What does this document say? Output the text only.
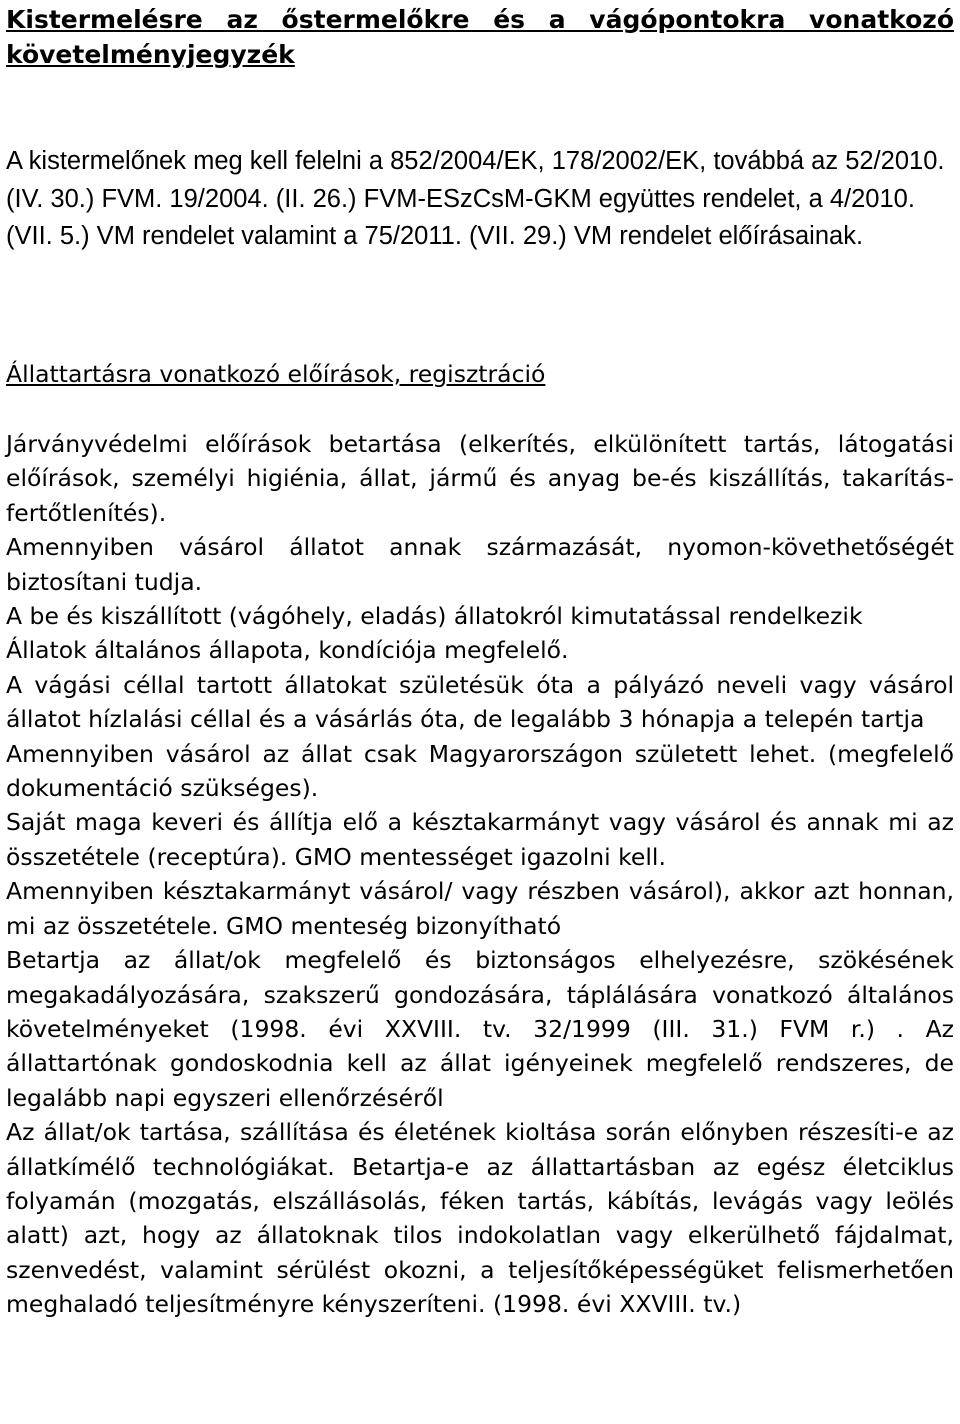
Kistermelésre az őstermelőkre és a vágópontokra vonatkozó követelményjegyzék

A kistermelőnek meg kell felelni a 852/2004/EK, 178/2002/EK, továbbá az 52/2010. (IV. 30.) FVM. 19/2004. (II. 26.) FVM-ESzCsM-GKM együttes rendelet, a 4/2010. (VII. 5.) VM rendelet valamint a 75/2011. (VII. 29.) VM rendelet előírásainak.

Állattartásra vonatkozó előírások, regisztráció

Járványvédelmi előírások betartása (elkerítés, elkülönített tartás, látogatási előírások, személyi higiénia, állat, jármű és anyag be-és kiszállítás, takarítás-fertőtlenítés).

Amennyiben vásárol állatot annak származását, nyomon-követhetőségét biztosítani tudja.

A be és kiszállított (vágóhely, eladás) állatokról kimutatással rendelkezik

Állatok általános állapota, kondíciója megfelelő.

A vágási céllal tartott állatokat születésük óta a pályázó neveli vagy vásárol állatot hízlalási céllal és a vásárlás óta, de legalább 3 hónapja a telepén tartja

Amennyiben vásárol az állat csak Magyarországon született lehet. (megfelelő dokumentáció szükséges).

Saját maga keveri és állítja elő a késztakarmányt vagy vásárol és annak mi az összetétele (receptúra). GMO mentességet igazolni kell.

Amennyiben késztakarmányt vásárol/ vagy részben vásárol), akkor azt honnan, mi az összetétele. GMO menteség bizonyítható

Betartja az állat/ok megfelelő és biztonságos elhelyezésre, szökésének megakadályozására, szakszerű gondozására, táplálására vonatkozó általános követelményeket (1998. évi XXVIII. tv. 32/1999 (III. 31.) FVM r.) . Az állattartónak gondoskodnia kell az állat igényeinek megfelelő rendszeres, de legalább napi egyszeri ellenőrzéséről

Az állat/ok tartása, szállítása és életének kioltása során előnyben részesíti-e az állatkímélő technológiákat. Betartja-e az állattartásban az egész életciklus folyamán (mozgatás, elszállásolás, féken tartás, kábítás, levágás vagy leölés alatt) azt, hogy az állatoknak tilos indokolatlan vagy elkerülhető fájdalmat, szenvedést, valamint sérülést okozni, a teljesítőképességüket felismerhetően meghaladó teljesítményre kényszeríteni. (1998. évi XXVIII. tv.)
